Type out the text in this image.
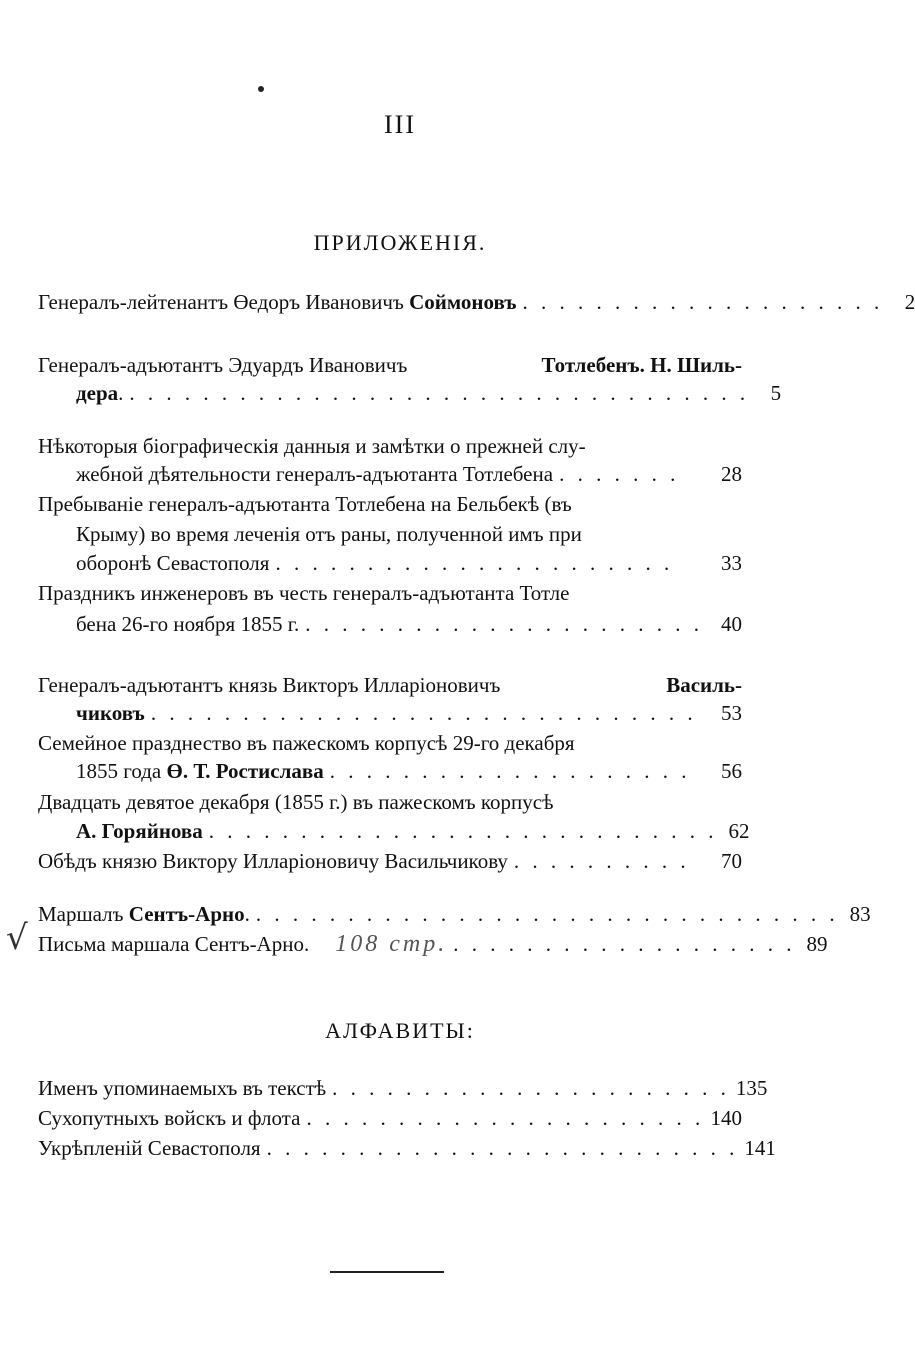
III
ПРИЛОЖЕНIЯ.
Генералъ-лейтенантъ Өедоръ Ивановичъ Соймоновъ . . . . . . . . . . . . . . . . . . . .	2
Генералъ-адъютантъ Эдуардъ Ивановичъ	Тотлебенъ. Н. Шиль-
дера . . . . . . . . . . . . . . . . . . . . . . . . . . . . . . . . . . .	5
Нѣкоторыя бiографическiя данныя и замѣтки о прежней слу-
жебной дѣятельности генералъ-адъютанта Тотлебена . . . . . . .	28
Пребыванiе генералъ-адъютанта Тотлебена на Бельбекѣ (въ
Крыму) во время леченiя отъ раны, полученной имъ при
оборонѣ Севастополя . . . . . . . . . . . . . . . . . . . . . .	33
Праздникъ инженеровъ въ честь генералъ-адъютанта Тотле
бена 26-го ноября 1855 г. . . . . . . . . . . . . . . . . . . . . . . 40
Генералъ-адъютантъ князь Викторъ Илларiоновичъ	Василь-
чиковъ . . . . . . . . . . . . . . . . . . . . . . . . . . . . . .	53
Семейное празднество въ пажескомъ корпусѣ 29-го декабря
1855 года Ө. Т. Ростислава . . . . . . . . . . . . . . . . . . . .	56
Двадцать девятое декабря (1855 г.) въ пажескомъ корпусѣ
А. Горяйнова . . . . . . . . . . . . . . . . . . . . . . . . . . . . 62
Обѣдъ князю Виктору Илларiоновичу Васильчикову . . . . . . . . . .	70
Маршалъ Сентъ-Арно . . . . . . . . . . . . . . . . . . . . . . . . . . . . . . . . . 83
Письма маршала Сентъ-Арно. 108 стр. . . . . . . . . . . . . . . . . . . . 89
√
АЛФАВИТЫ:
Именъ упоминаемыхъ въ текстѣ . . . . . . . . . . . . . . . . . . . . . . 135
Сухопутныхъ войскъ и флота . . . . . . . . . . . . . . . . . . . . . . 140
Укрѣпленiй Севастополя . . . . . . . . . . . . . . . . . . . . . . . . . . 141
